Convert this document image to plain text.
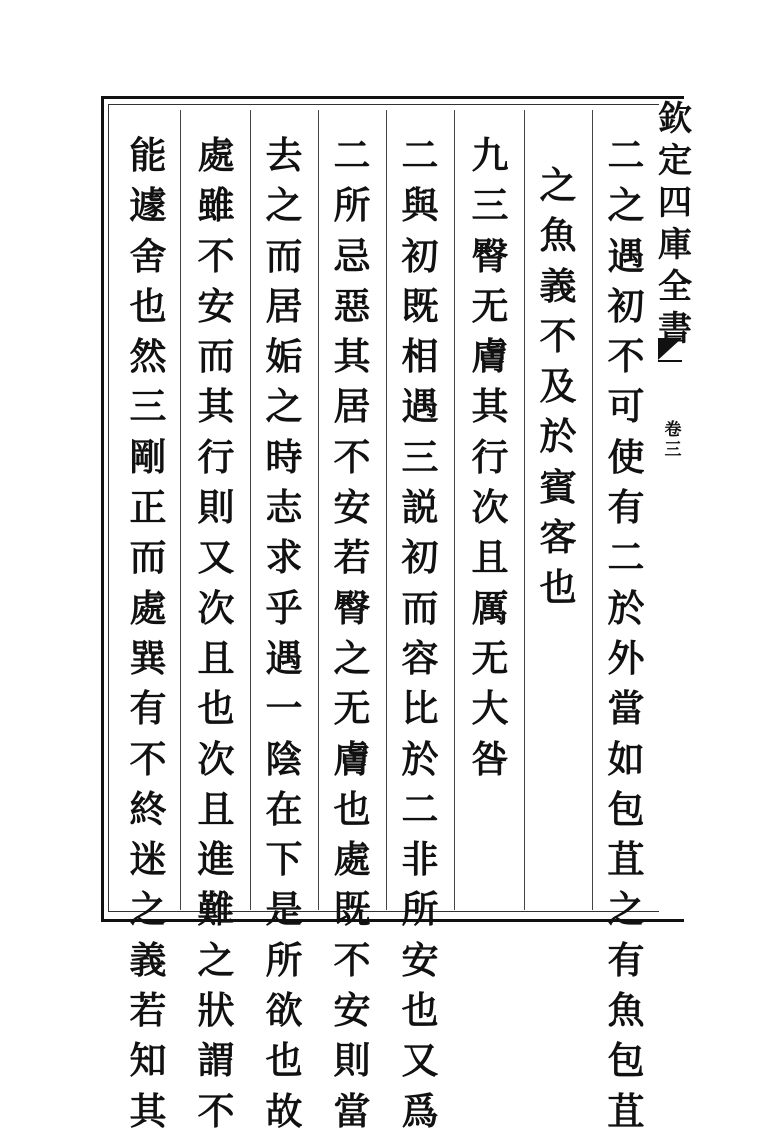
欽
定
四
庫
全
書
卷
三
二
之
遇
初
不
可
使
有
二
於
外
當
如
包
苴
之
有
魚
包
苴
之
魚
義
不
及
於
賓
客
也
九
三
臀
无
膚
其
行
次
且
厲
无
大
咎
二
與
初
既
相
遇
三
説
初
而
容
比
於
二
非
所
安
也
又
爲
二
所
忌
惡
其
居
不
安
若
臀
之
无
膚
也
處
既
不
安
則
當
去
之
而
居
姤
之
時
志
求
乎
遇
一
陰
在
下
是
所
欲
也
故
處
雖
不
安
而
其
行
則
又
次
且
也
次
且
進
難
之
狀
謂
不
能
遽
舍
也
然
三
剛
正
而
處
巽
有
不
終
迷
之
義
若
知
其
